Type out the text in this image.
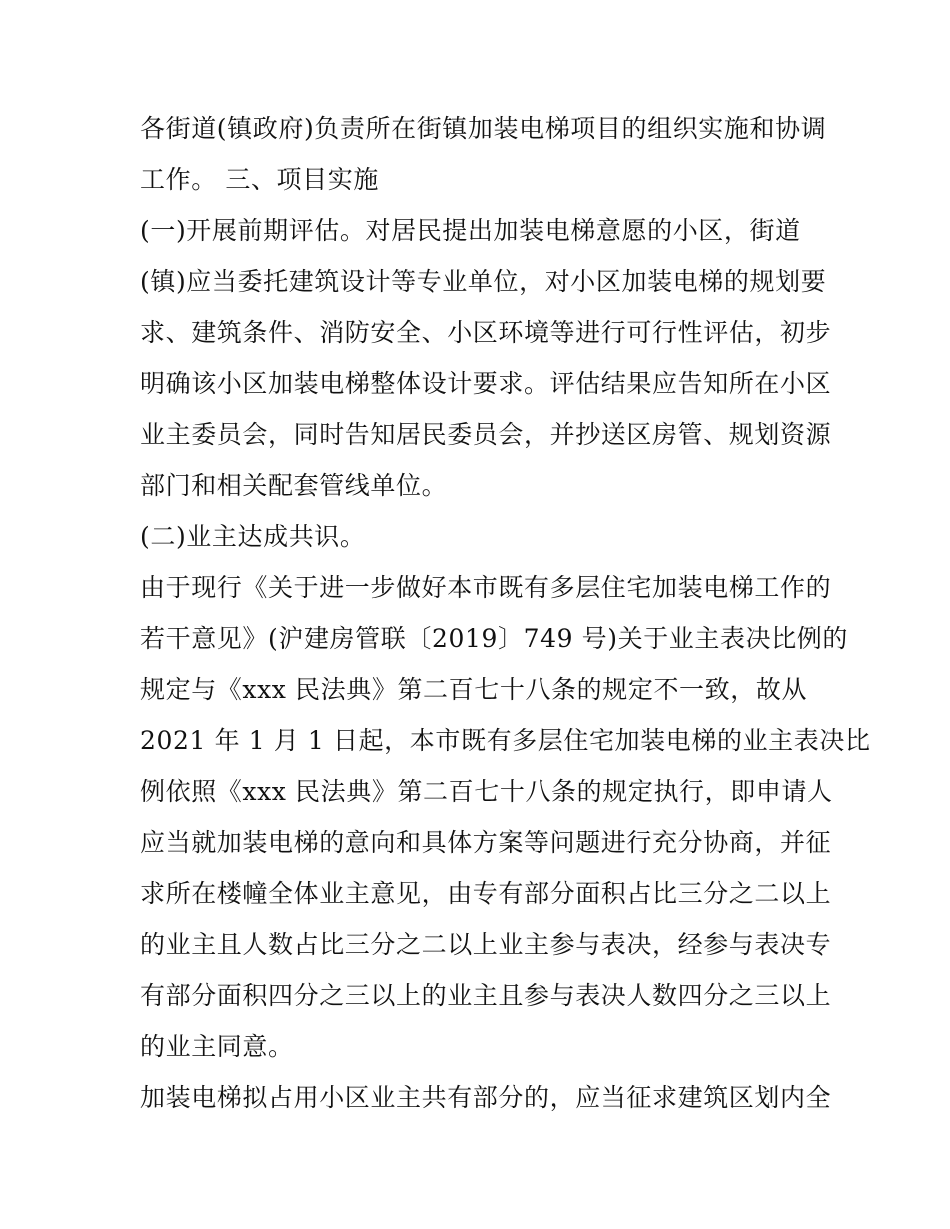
各街道(镇政府)负责所在街镇加装电梯项目的组织实施和协调
工作。 三、项目实施
(一)开展前期评估。对居民提出加装电梯意愿的小区，街道
(镇)应当委托建筑设计等专业单位，对小区加装电梯的规划要
求、建筑条件、消防安全、小区环境等进行可行性评估，初步
明确该小区加装电梯整体设计要求。评估结果应告知所在小区
业主委员会，同时告知居民委员会，并抄送区房管、规划资源
部门和相关配套管线单位。
(二)业主达成共识。
由于现行《关于进一步做好本市既有多层住宅加装电梯工作的
若干意见》(沪建房管联〔2019〕749 号)关于业主表决比例的
规定与《xxx 民法典》第二百七十八条的规定不一致，故从
2021 年 1 月 1 日起，本市既有多层住宅加装电梯的业主表决比
例依照《xxx 民法典》第二百七十八条的规定执行，即申请人
应当就加装电梯的意向和具体方案等问题进行充分协商，并征
求所在楼幢全体业主意见，由专有部分面积占比三分之二以上
的业主且人数占比三分之二以上业主参与表决，经参与表决专
有部分面积四分之三以上的业主且参与表决人数四分之三以上
的业主同意。
加装电梯拟占用小区业主共有部分的，应当征求建筑区划内全
